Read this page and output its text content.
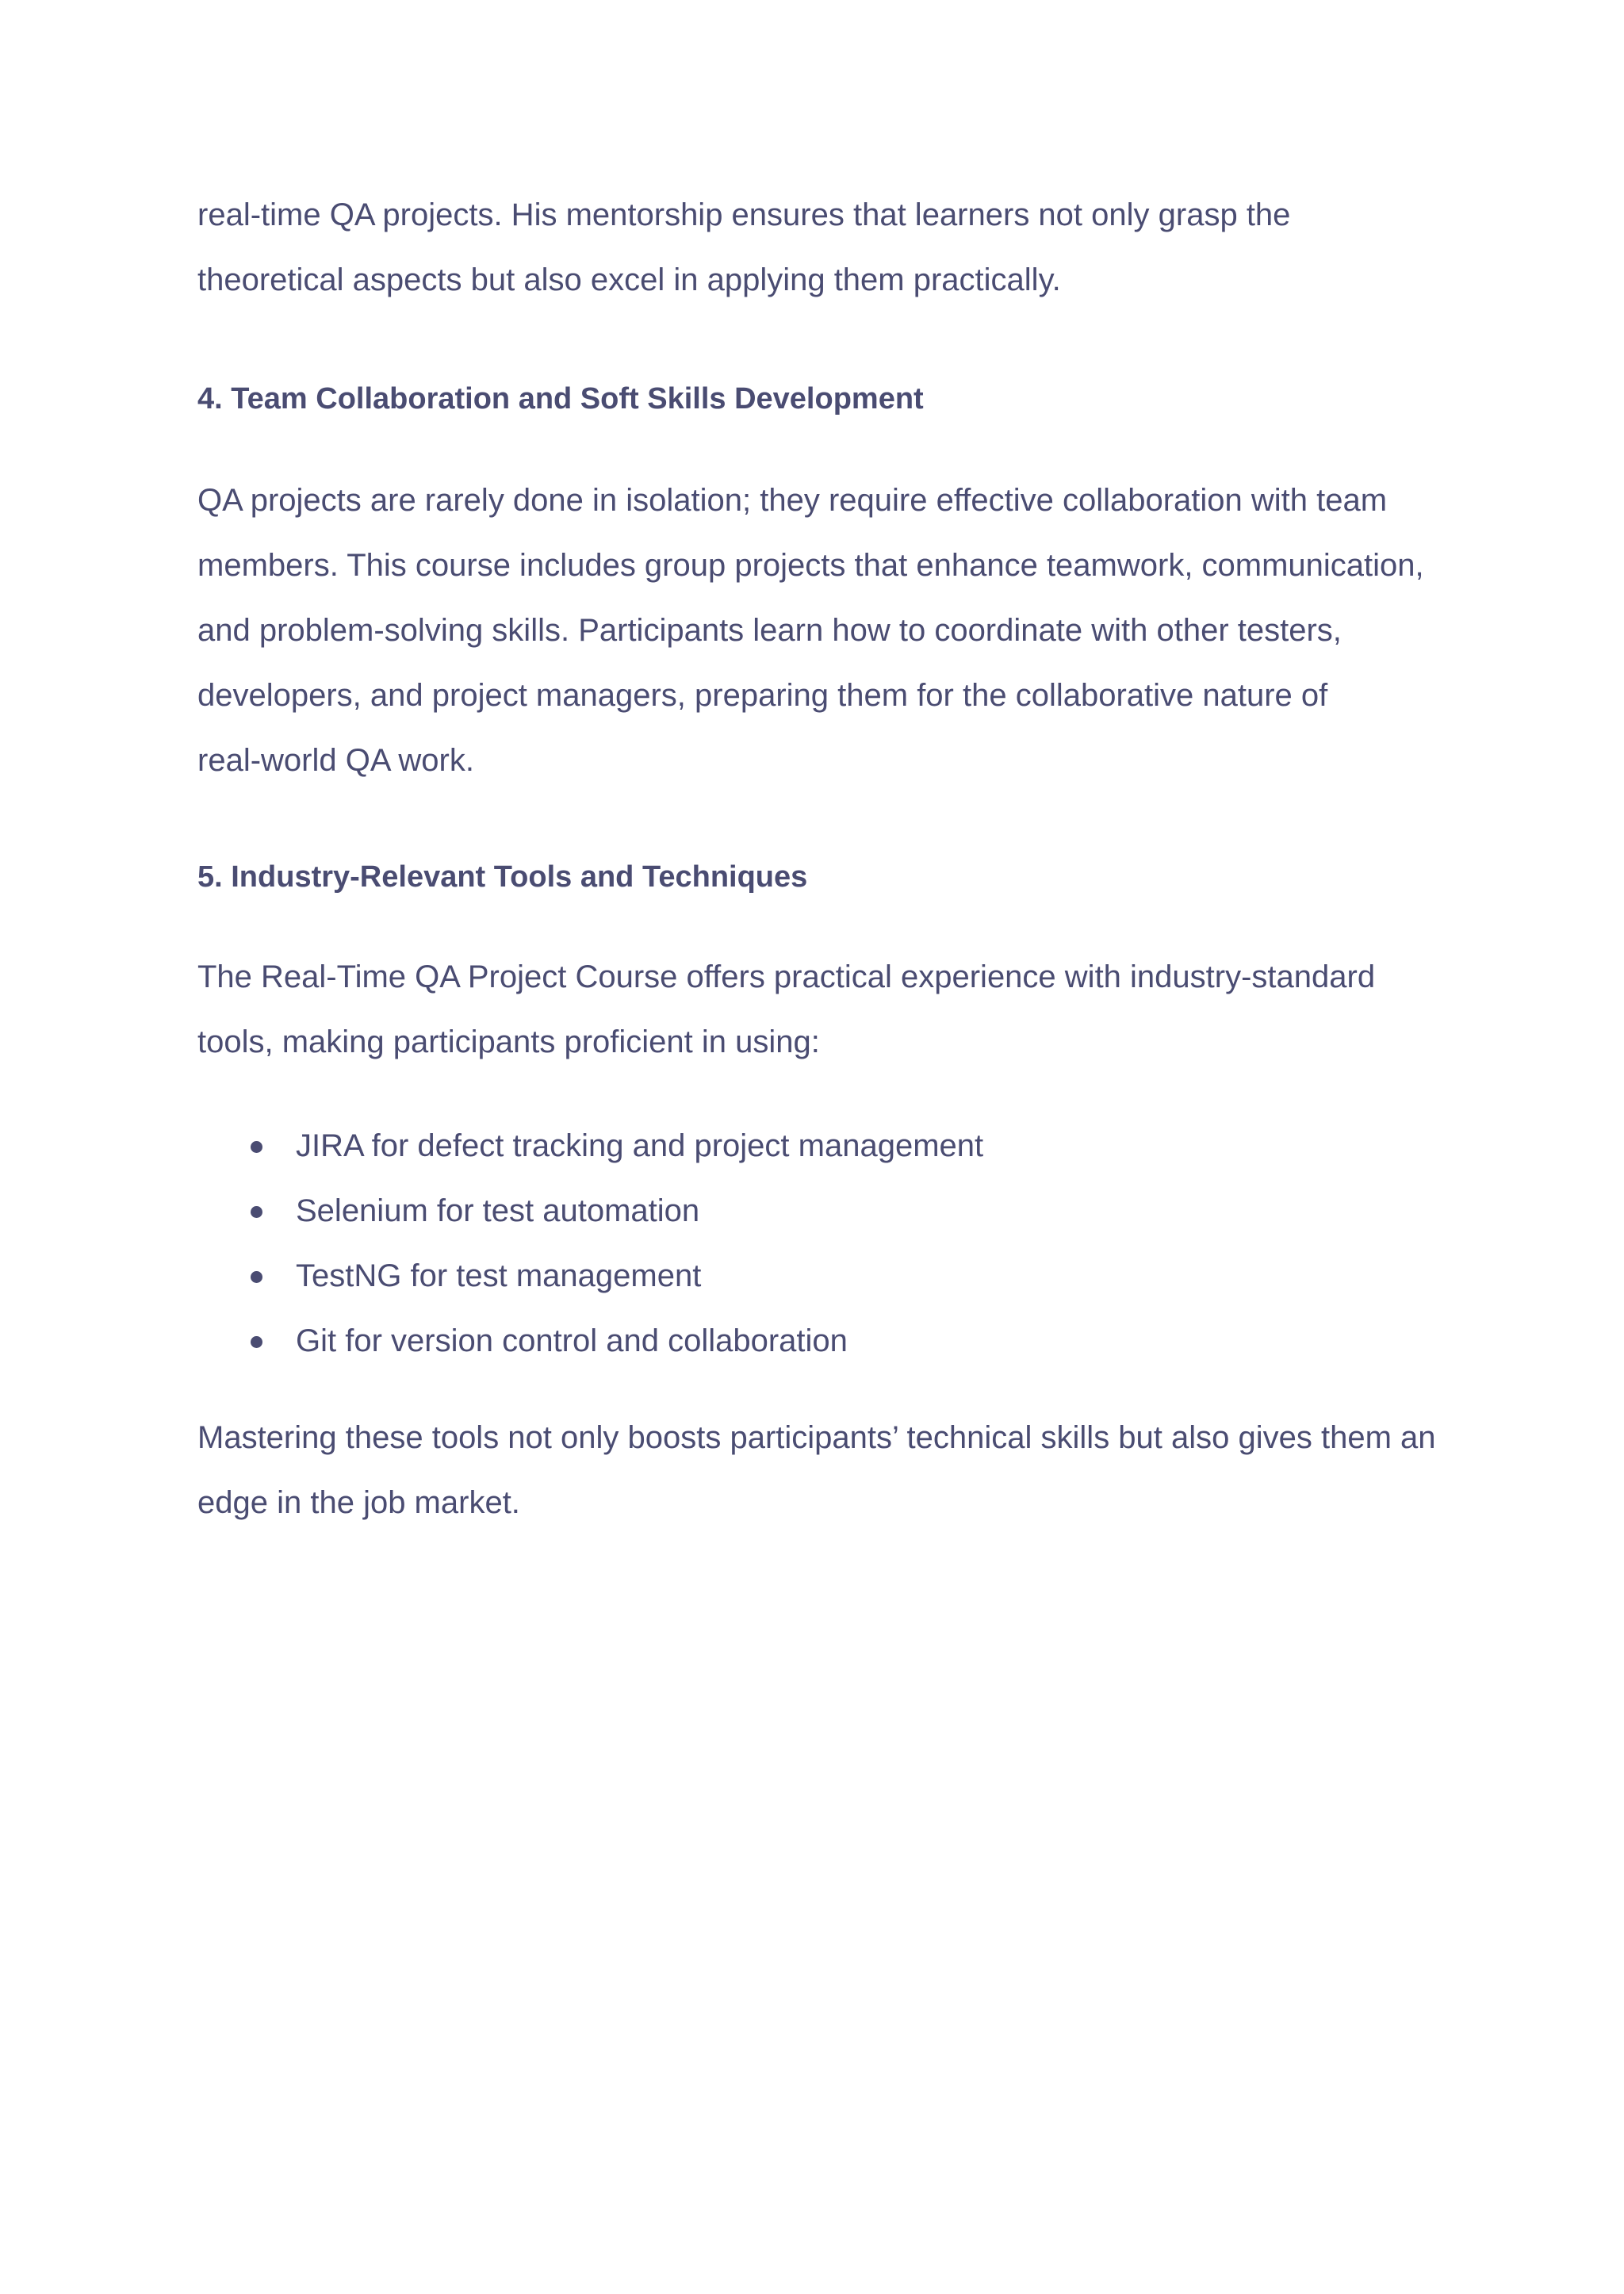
real-time QA projects. His mentorship ensures that learners not only grasp the
theoretical aspects but also excel in applying them practically.

4. Team Collaboration and Soft Skills Development

QA projects are rarely done in isolation; they require effective collaboration with team
members. This course includes group projects that enhance teamwork, communication,
and problem-solving skills. Participants learn how to coordinate with other testers,
developers, and project managers, preparing them for the collaborative nature of
real-world QA work.

5. Industry-Relevant Tools and Techniques

The Real-Time QA Project Course offers practical experience with industry-standard
tools, making participants proficient in using:

JIRA for defect tracking and project management
Selenium for test automation
TestNG for test management
Git for version control and collaboration

Mastering these tools not only boosts participants’ technical skills but also gives them an
edge in the job market.
